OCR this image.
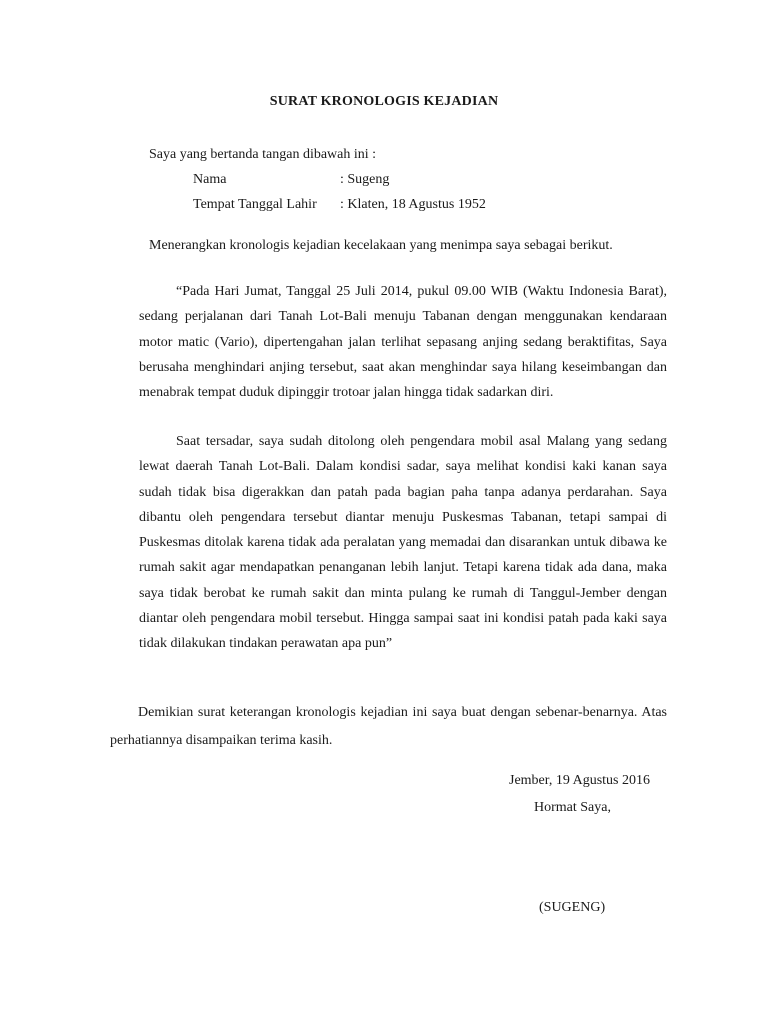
SURAT KRONOLOGIS KEJADIAN
Saya yang bertanda tangan dibawah ini :
Nama	: Sugeng
Tempat Tanggal Lahir	: Klaten, 18 Agustus 1952
Menerangkan kronologis kejadian kecelakaan yang menimpa saya sebagai berikut.
“Pada Hari Jumat, Tanggal 25 Juli 2014, pukul 09.00 WIB (Waktu Indonesia Barat), sedang perjalanan dari Tanah Lot-Bali menuju Tabanan dengan menggunakan kendaraan motor matic (Vario), dipertengahan jalan terlihat sepasang anjing sedang beraktifitas, Saya berusaha menghindari anjing tersebut, saat akan menghindar saya hilang keseimbangan dan menabrak tempat duduk dipinggir trotoar jalan hingga tidak sadarkan diri.
Saat tersadar, saya sudah ditolong oleh pengendara mobil asal Malang yang sedang lewat daerah Tanah Lot-Bali. Dalam kondisi sadar, saya melihat kondisi kaki kanan saya sudah tidak bisa digerakkan dan patah pada bagian paha tanpa adanya perdarahan. Saya dibantu oleh pengendara tersebut diantar menuju Puskesmas Tabanan, tetapi sampai di Puskesmas ditolak karena tidak ada peralatan yang memadai dan disarankan untuk dibawa ke rumah sakit agar mendapatkan penanganan lebih lanjut. Tetapi karena tidak ada dana, maka saya tidak berobat ke rumah sakit dan minta pulang ke rumah di Tanggul-Jember dengan diantar oleh pengendara mobil tersebut. Hingga sampai saat ini kondisi patah pada kaki saya tidak dilakukan tindakan perawatan apa pun”
Demikian surat keterangan kronologis kejadian ini saya buat dengan sebenar-benarnya. Atas perhatiannya disampaikan terima kasih.
Jember, 19 Agustus 2016
Hormat Saya,
(SUGENG)
